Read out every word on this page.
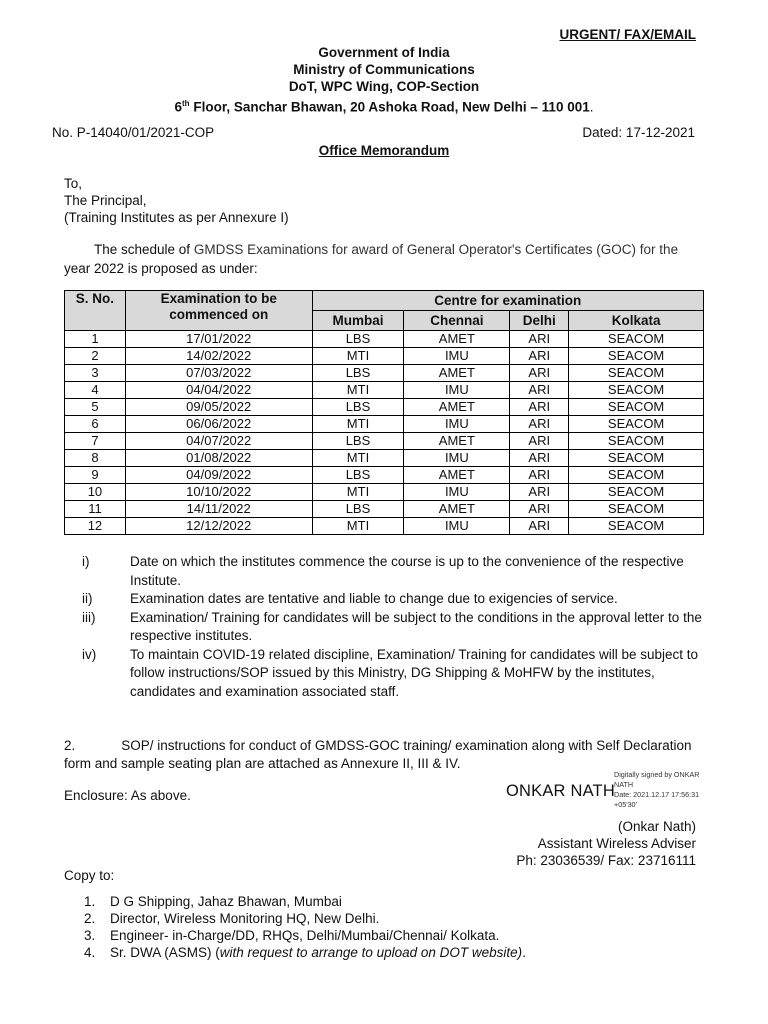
URGENT/ FAX/EMAIL
Government of India
Ministry of Communications
DoT, WPC Wing, COP-Section
6th Floor, Sanchar Bhawan, 20 Ashoka Road, New Delhi – 110 001.
No. P-14040/01/2021-COP	Dated: 17-12-2021
Office Memorandum
To,
The Principal,
(Training Institutes as per Annexure I)
The schedule of GMDSS Examinations for award of General Operator's Certificates (GOC) for the
year 2022 is proposed as under:
S. No.	Examination to be commenced on	Centre for examination			
		Mumbai	Chennai	Delhi	Kolkata
1	17/01/2022	LBS	AMET	ARI	SEACOM
2	14/02/2022	MTI	IMU	ARI	SEACOM
3	07/03/2022	LBS	AMET	ARI	SEACOM
4	04/04/2022	MTI	IMU	ARI	SEACOM
5	09/05/2022	LBS	AMET	ARI	SEACOM
6	06/06/2022	MTI	IMU	ARI	SEACOM
7	04/07/2022	LBS	AMET	ARI	SEACOM
8	01/08/2022	MTI	IMU	ARI	SEACOM
9	04/09/2022	LBS	AMET	ARI	SEACOM
10	10/10/2022	MTI	IMU	ARI	SEACOM
11	14/11/2022	LBS	AMET	ARI	SEACOM
12	12/12/2022	MTI	IMU	ARI	SEACOM
i)	Date on which the institutes commence the course is up to the convenience of the respective Institute.
ii)	Examination dates are tentative and liable to change due to exigencies of service.
iii)	Examination/ Training for candidates will be subject to the conditions in the approval letter to the respective institutes.
iv)	To maintain COVID-19 related discipline, Examination/ Training for candidates will be subject to follow instructions/SOP issued by this Ministry, DG Shipping & MoHFW by the institutes, candidates and examination associated staff.
2.	SOP/ instructions for conduct of GMDSS-GOC training/ examination along with Self Declaration form and sample seating plan are attached as Annexure II, III & IV.
Enclosure: As above.	ONKAR NATH
Digitally signed by ONKAR
NATH
Date: 2021.12.17 17:56:31
+05'30'
(Onkar Nath)
Assistant Wireless Adviser
Ph: 23036539/ Fax: 23716111
Copy to:
1. D G Shipping, Jahaz Bhawan, Mumbai
2. Director, Wireless Monitoring HQ, New Delhi.
3. Engineer- in-Charge/DD, RHQs, Delhi/Mumbai/Chennai/ Kolkata.
4. Sr. DWA (ASMS) (with request to arrange to upload on DOT website).
